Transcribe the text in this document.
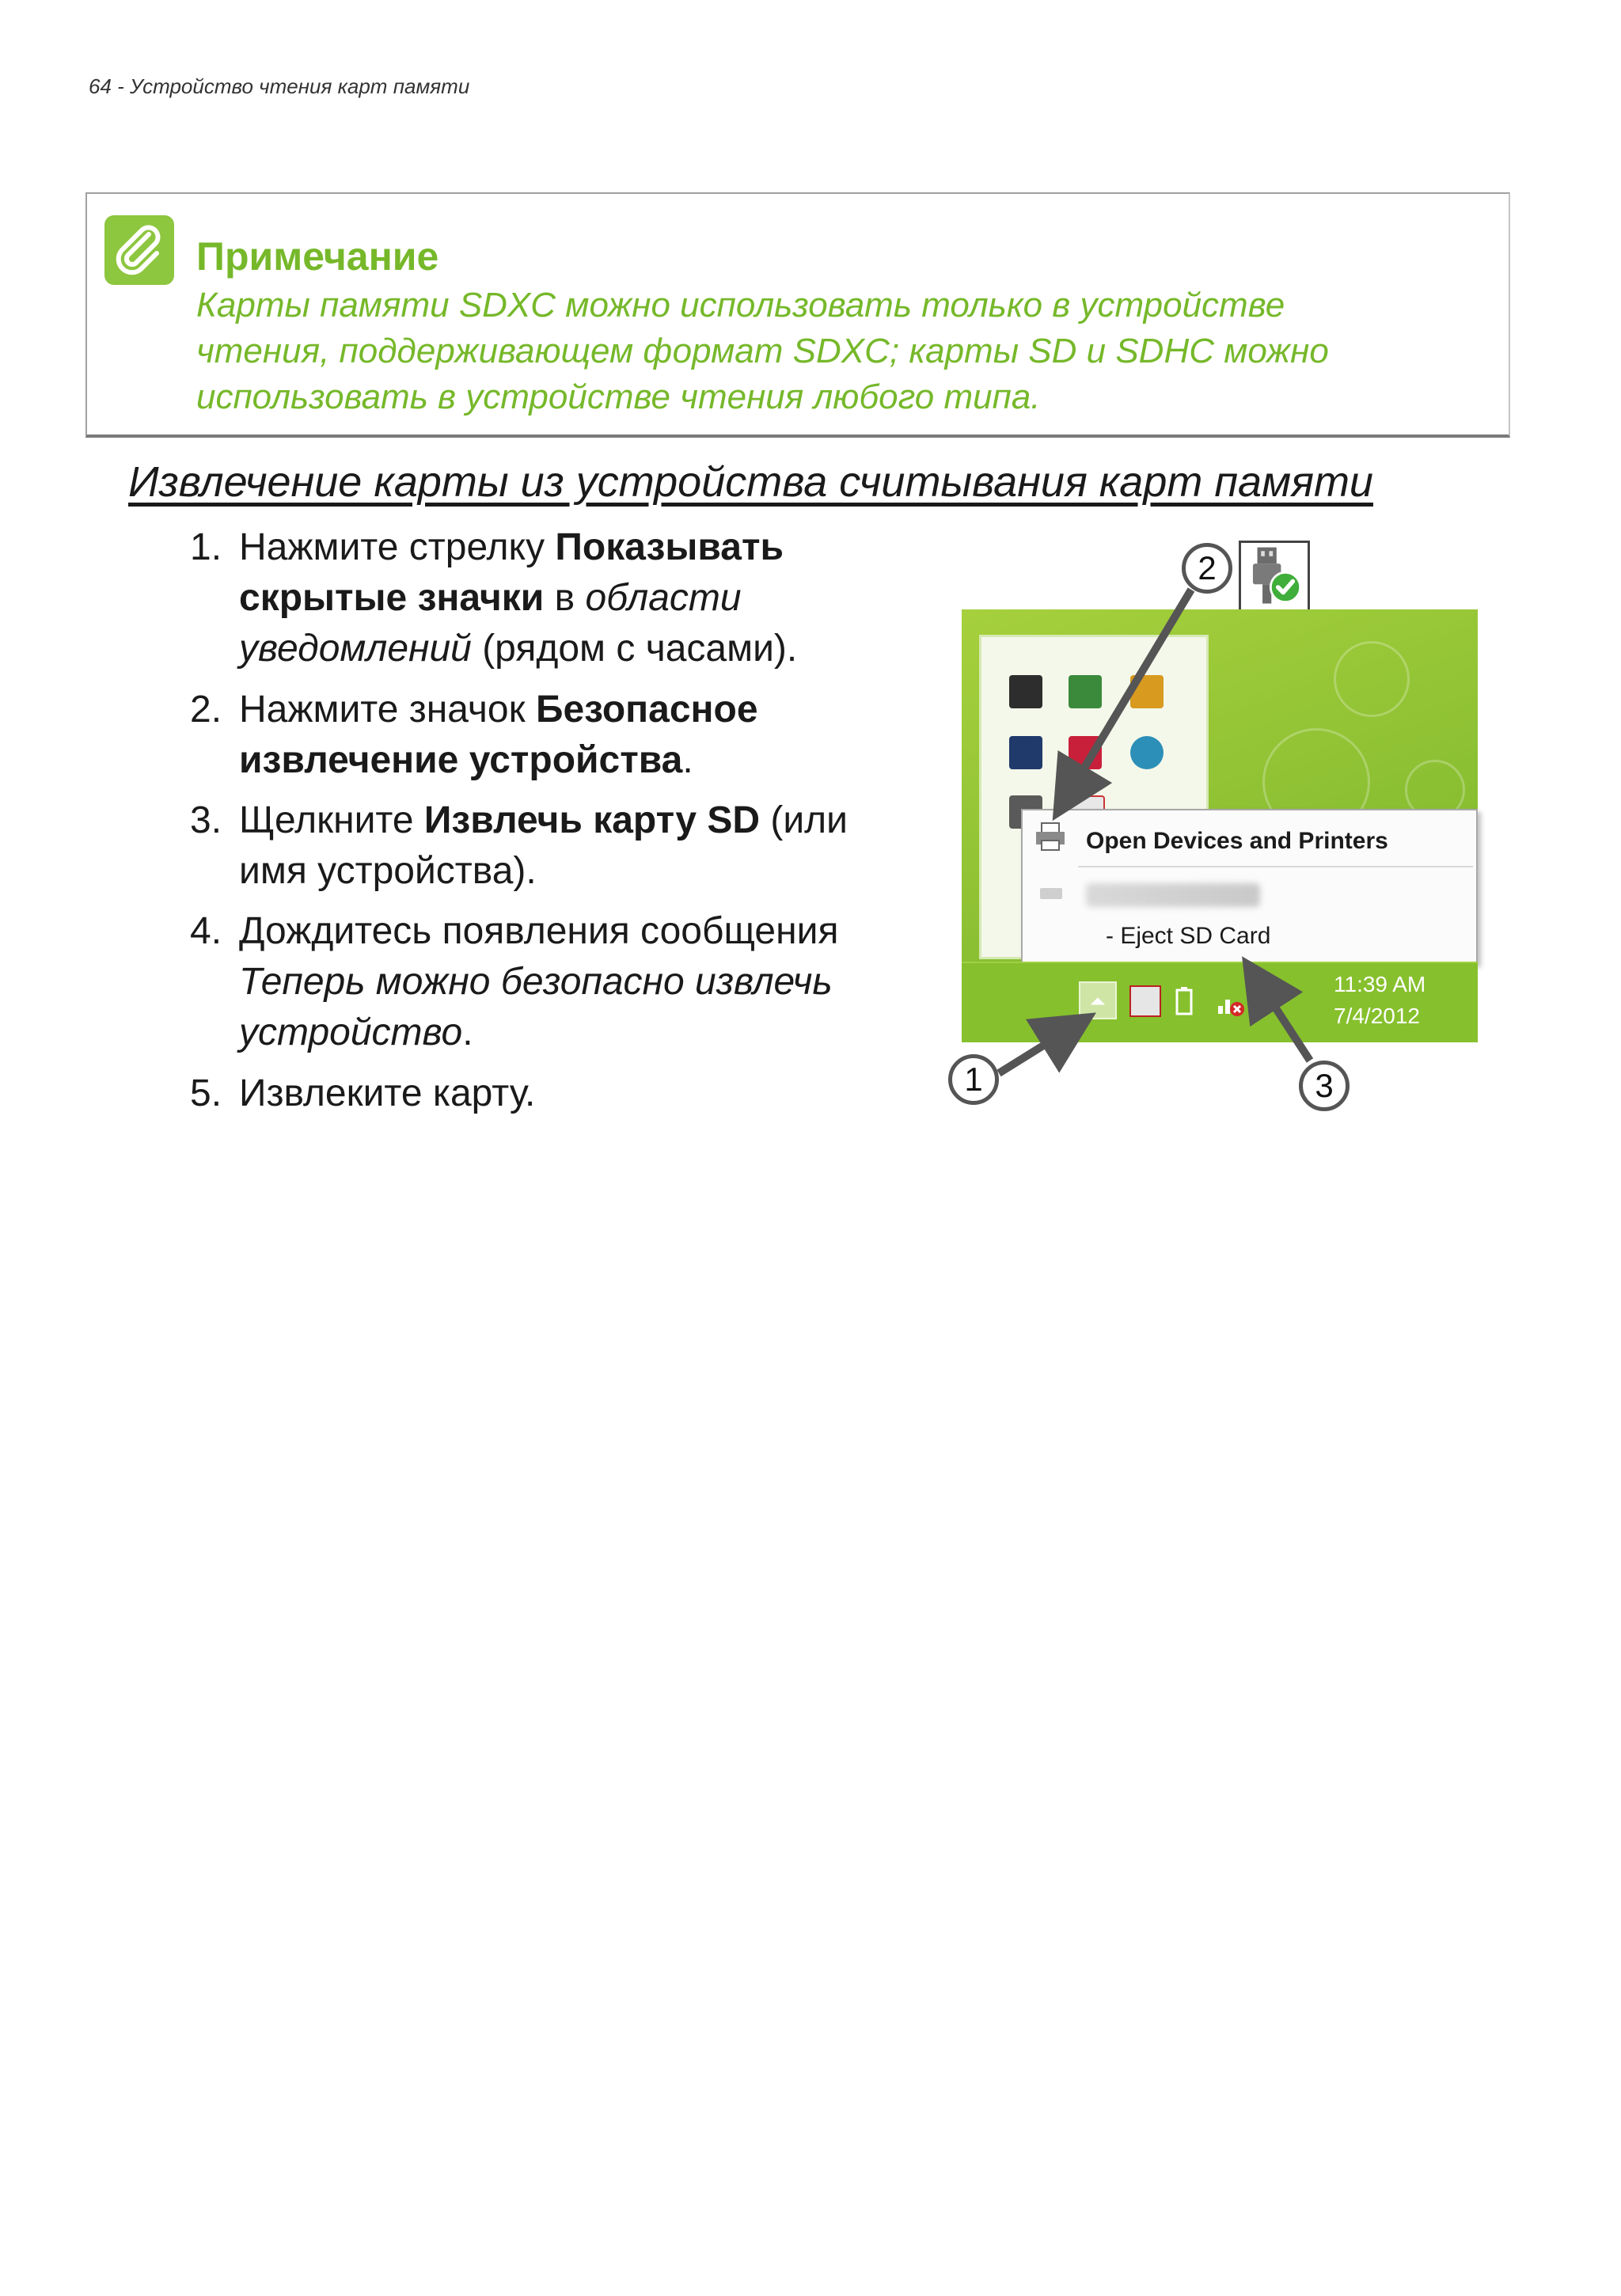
64 - Устройство чтения карт памяти
Примечание
Карты памяти SDXC можно использовать только в устройстве
чтения, поддерживающем формат SDXC; карты SD и SDHC можно
использовать в устройстве чтения любого типа.
Извлечение карты из устройства считывания карт памяти
1. Нажмите стрелку Показывать скрытые значки в области уведомлений (рядом с часами).
2. Нажмите значок Безопасное извлечение устройства.
3. Щелкните Извлечь карту SD (или имя устройства).
4. Дождитесь появления сообщения Теперь можно безопасно извлечь устройство.
5. Извлеките карту.
Open Devices and Printers
- Eject SD Card
11:39 AM
7/4/2012
1
2
3
